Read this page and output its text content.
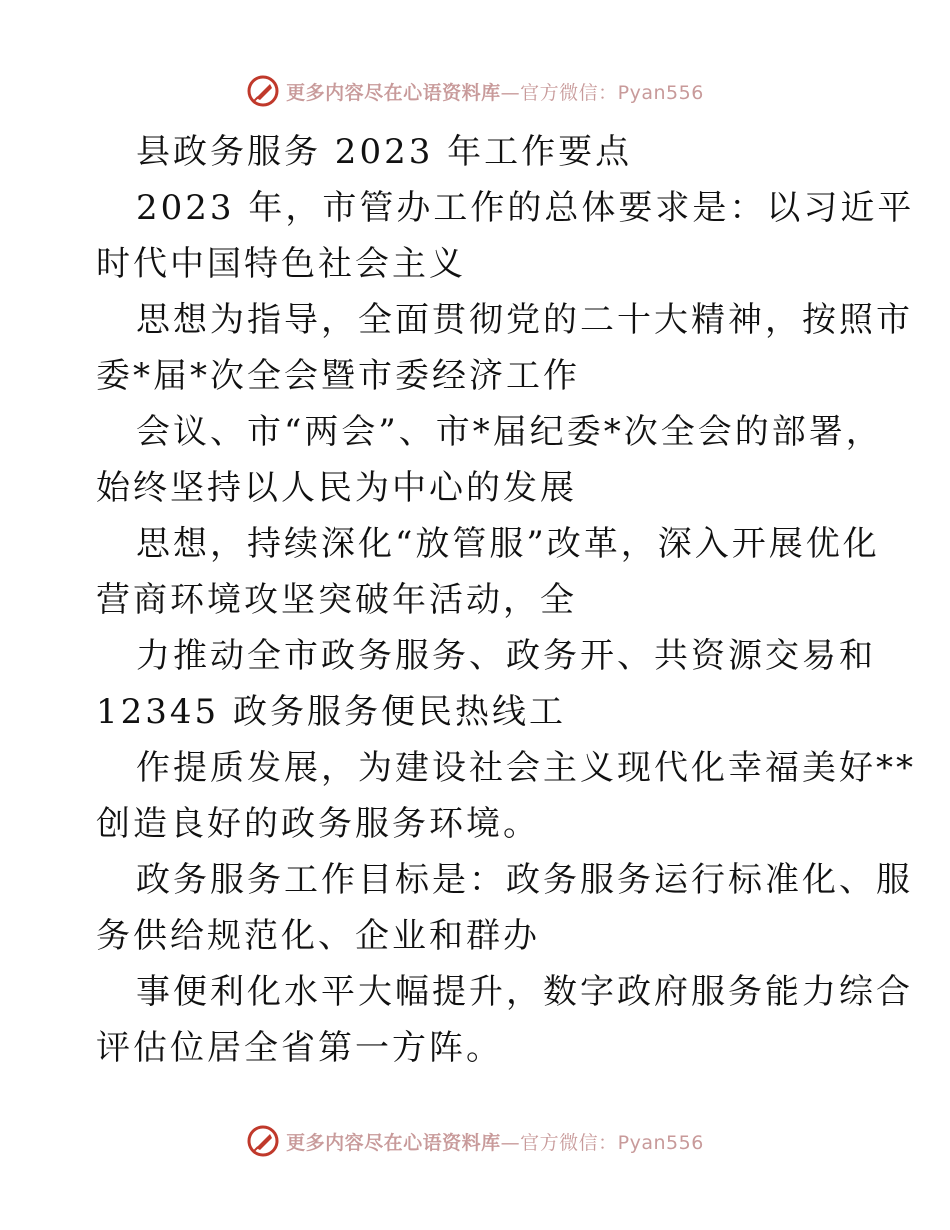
更多内容尽在心语资料库—官方微信：Pyan556

县政务服务 2023 年工作要点

2023 年，市管办工作的总体要求是：以习近平

时代中国特色社会主义

思想为指导，全面贯彻党的二十大精神，按照市

委*届*次全会暨市委经济工作

会议、市“两会”、市*届纪委*次全会的部署，

始终坚持以人民为中心的发展

思想，持续深化“放管服”改革，深入开展优化

营商环境攻坚突破年活动，全

力推动全市政务服务、政务开、共资源交易和

12345 政务服务便民热线工

作提质发展，为建设社会主义现代化幸福美好**

创造良好的政务服务环境。

政务服务工作目标是：政务服务运行标准化、服

务供给规范化、企业和群办

事便利化水平大幅提升，数字政府服务能力综合

评估位居全省第一方阵。

更多内容尽在心语资料库—官方微信：Pyan556
